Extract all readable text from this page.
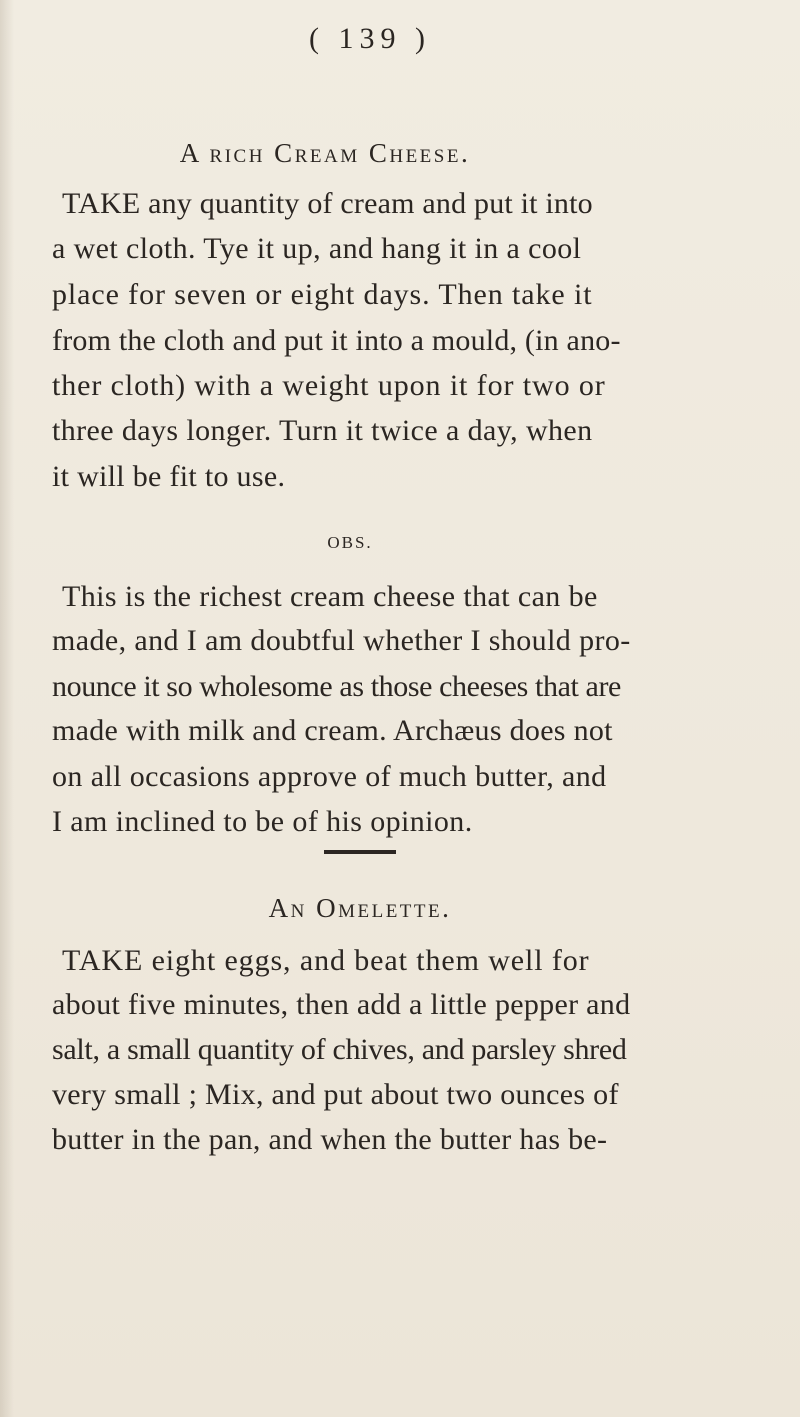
( 139 )
A rich Cream Cheese.
TAKE any quantity of cream and put it into
a wet cloth. Tye it up, and hang it in a cool
place for seven or eight days. Then take it
from the cloth and put it into a mould, (in ano-
ther cloth) with a weight upon it for two or
three days longer. Turn it twice a day, when
it will be fit to use.
OBS.
This is the richest cream cheese that can be
made, and I am doubtful whether I should pro-
nounce it so wholesome as those cheeses that are
made with milk and cream. Archæus does not
on all occasions approve of much butter, and
I am inclined to be of his opinion.
An Omelette.
TAKE eight eggs, and beat them well for
about five minutes, then add a little pepper and
salt, a small quantity of chives, and parsley shred
very small ; Mix, and put about two ounces of
butter in the pan, and when the butter has be-
